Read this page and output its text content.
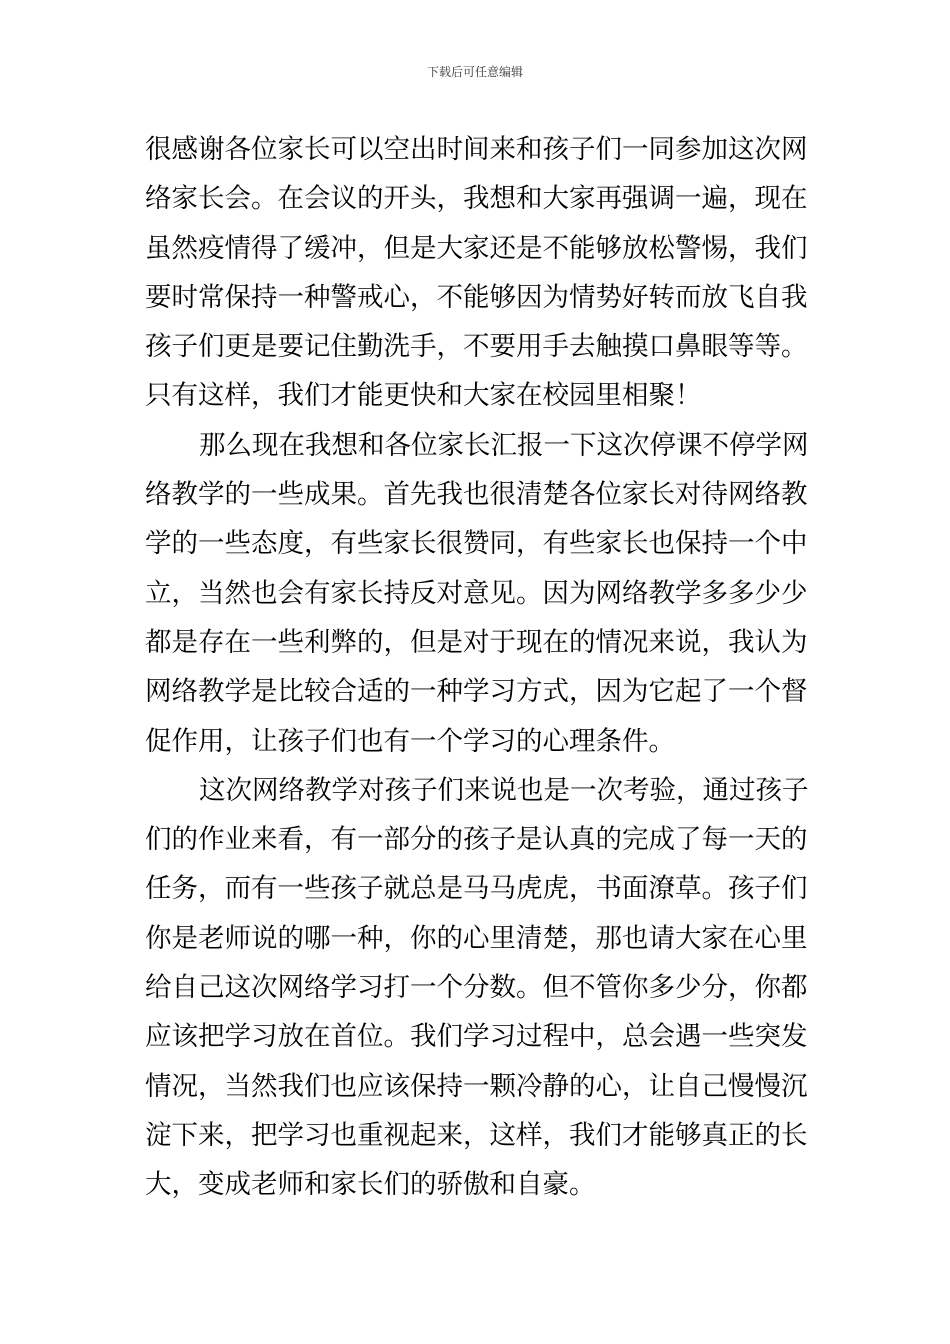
下载后可任意编辑
很感谢各位家长可以空出时间来和孩子们一同参加这次网
络家长会。在会议的开头，我想和大家再强调一遍，现在
虽然疫情得了缓冲，但是大家还是不能够放松警惕，我们
要时常保持一种警戒心，不能够因为情势好转而放飞自我
孩子们更是要记住勤洗手，不要用手去触摸口鼻眼等等。
只有这样，我们才能更快和大家在校园里相聚！
那么现在我想和各位家长汇报一下这次停课不停学网
络教学的一些成果。首先我也很清楚各位家长对待网络教
学的一些态度，有些家长很赞同，有些家长也保持一个中
立，当然也会有家长持反对意见。因为网络教学多多少少
都是存在一些利弊的，但是对于现在的情况来说，我认为
网络教学是比较合适的一种学习方式，因为它起了一个督
促作用，让孩子们也有一个学习的心理条件。
这次网络教学对孩子们来说也是一次考验，通过孩子
们的作业来看，有一部分的孩子是认真的完成了每一天的
任务，而有一些孩子就总是马马虎虎，书面潦草。孩子们
你是老师说的哪一种，你的心里清楚，那也请大家在心里
给自己这次网络学习打一个分数。但不管你多少分，你都
应该把学习放在首位。我们学习过程中，总会遇一些突发
情况，当然我们也应该保持一颗冷静的心，让自己慢慢沉
淀下来，把学习也重视起来，这样，我们才能够真正的长
大，变成老师和家长们的骄傲和自豪。
